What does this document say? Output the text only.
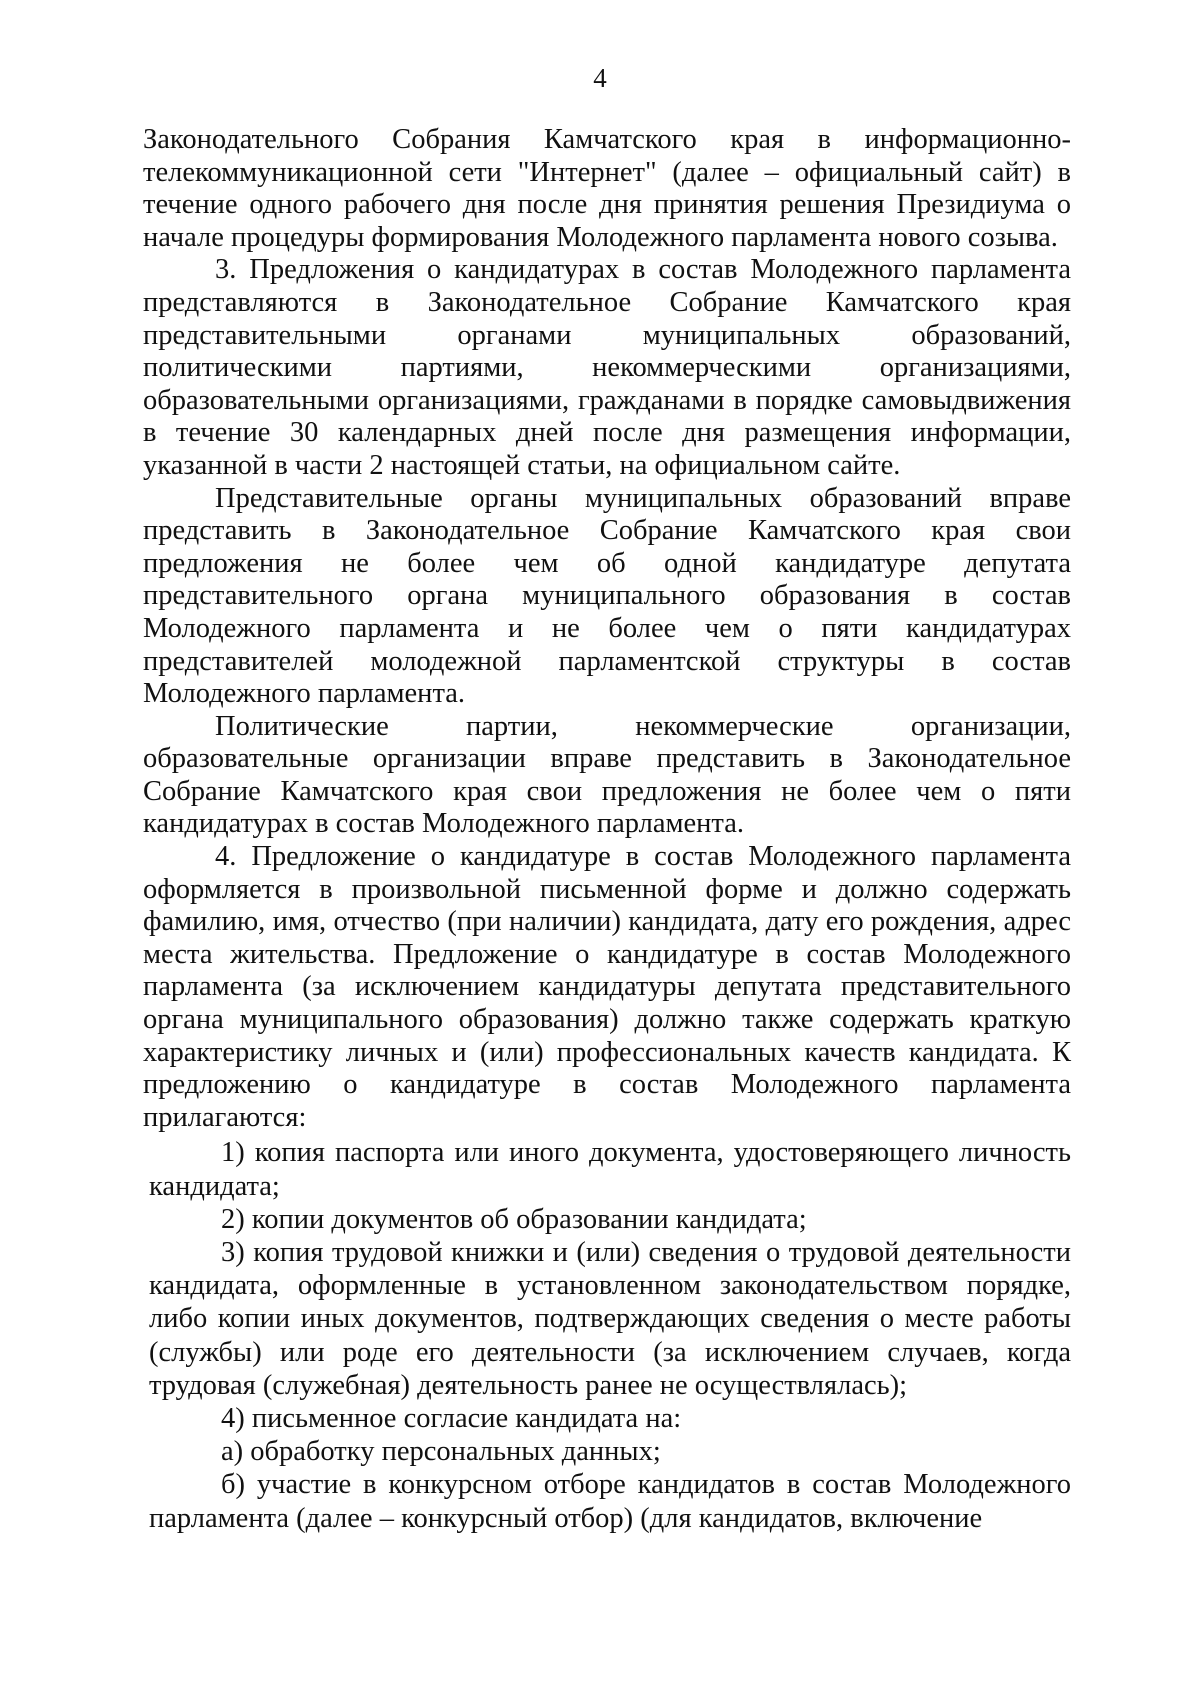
4

Законодательного Собрания Камчатского края в информационно-телекоммуникационной сети "Интернет" (далее – официальный сайт) в течение одного рабочего дня после дня принятия решения Президиума о начале процедуры формирования Молодежного парламента нового созыва.

3. Предложения о кандидатурах в состав Молодежного парламента представляются в Законодательное Собрание Камчатского края представительными органами муниципальных образований, политическими партиями, некоммерческими организациями, образовательными организациями, гражданами в порядке самовыдвижения в течение 30 календарных дней после дня размещения информации, указанной в части 2 настоящей статьи, на официальном сайте.

Представительные органы муниципальных образований вправе представить в Законодательное Собрание Камчатского края свои предложения не более чем об одной кандидатуре депутата представительного органа муниципального образования в состав Молодежного парламента и не более чем о пяти кандидатурах представителей молодежной парламентской структуры в состав Молодежного парламента.

Политические партии, некоммерческие организации, образовательные организации вправе представить в Законодательное Собрание Камчатского края свои предложения не более чем о пяти кандидатурах в состав Молодежного парламента.

4. Предложение о кандидатуре в состав Молодежного парламента оформляется в произвольной письменной форме и должно содержать фамилию, имя, отчество (при наличии) кандидата, дату его рождения, адрес места жительства. Предложение о кандидатуре в состав Молодежного парламента (за исключением кандидатуры депутата представительного органа муниципального образования) должно также содержать краткую характеристику личных и (или) профессиональных качеств кандидата. К предложению о кандидатуре в состав Молодежного парламента прилагаются:

1) копия паспорта или иного документа, удостоверяющего личность кандидата;

2) копии документов об образовании кандидата;

3) копия трудовой книжки и (или) сведения о трудовой деятельности кандидата, оформленные в установленном законодательством порядке, либо копии иных документов, подтверждающих сведения о месте работы (службы) или роде его деятельности (за исключением случаев, когда трудовая (служебная) деятельность ранее не осуществлялась);

4) письменное согласие кандидата на:

а) обработку персональных данных;

б) участие в конкурсном отборе кандидатов в состав Молодежного парламента (далее – конкурсный отбор) (для кандидатов, включение
